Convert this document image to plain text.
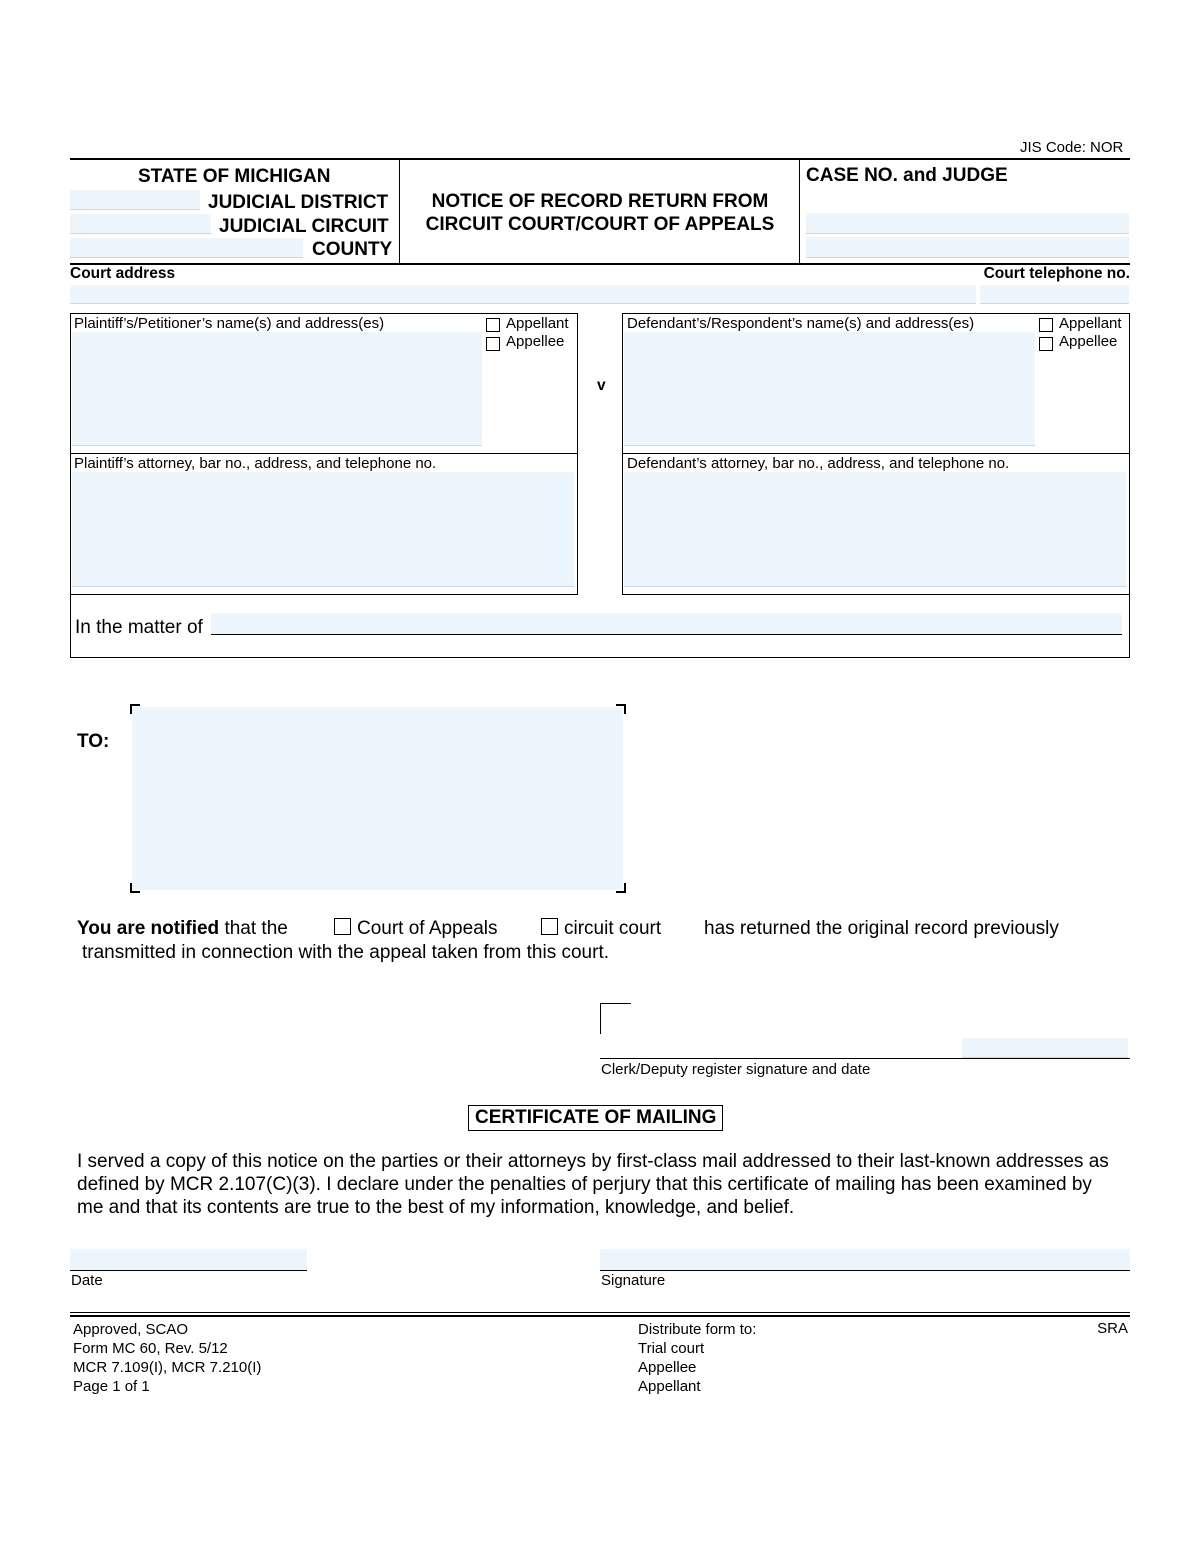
JIS Code: NOR
STATE OF MICHIGAN
JUDICIAL DISTRICT
JUDICIAL CIRCUIT
COUNTY
NOTICE OF RECORD RETURN FROM
CIRCUIT COURT/COURT OF APPEALS
CASE NO. and JUDGE
Court address	Court telephone no.
Plaintiff’s/Petitioner’s name(s) and address(es)	Appellant
Appellee
Plaintiff’s attorney, bar no., address, and telephone no.
v
Defendant’s/Respondent’s name(s) and address(es)	Appellant
Appellee
Defendant’s attorney, bar no., address, and telephone no.
In the matter of
TO:
You are notified that the	Court of Appeals	circuit court has returned the original record previously
transmitted in connection with the appeal taken from this court.
Clerk/Deputy register signature and date
CERTIFICATE OF MAILING
I served a copy of this notice on the parties or their attorneys by first-class mail addressed to their last-known addresses as
defined by MCR 2.107(C)(3). I declare under the penalties of perjury that this certificate of mailing has been examined by
me and that its contents are true to the best of my information, knowledge, and belief.
Date	Signature
Approved, SCAO
Form MC 60, Rev. 5/12
MCR 7.109(I), MCR 7.210(I)
Page 1 of 1
Distribute form to:
Trial court
Appellee
Appellant
SRA
